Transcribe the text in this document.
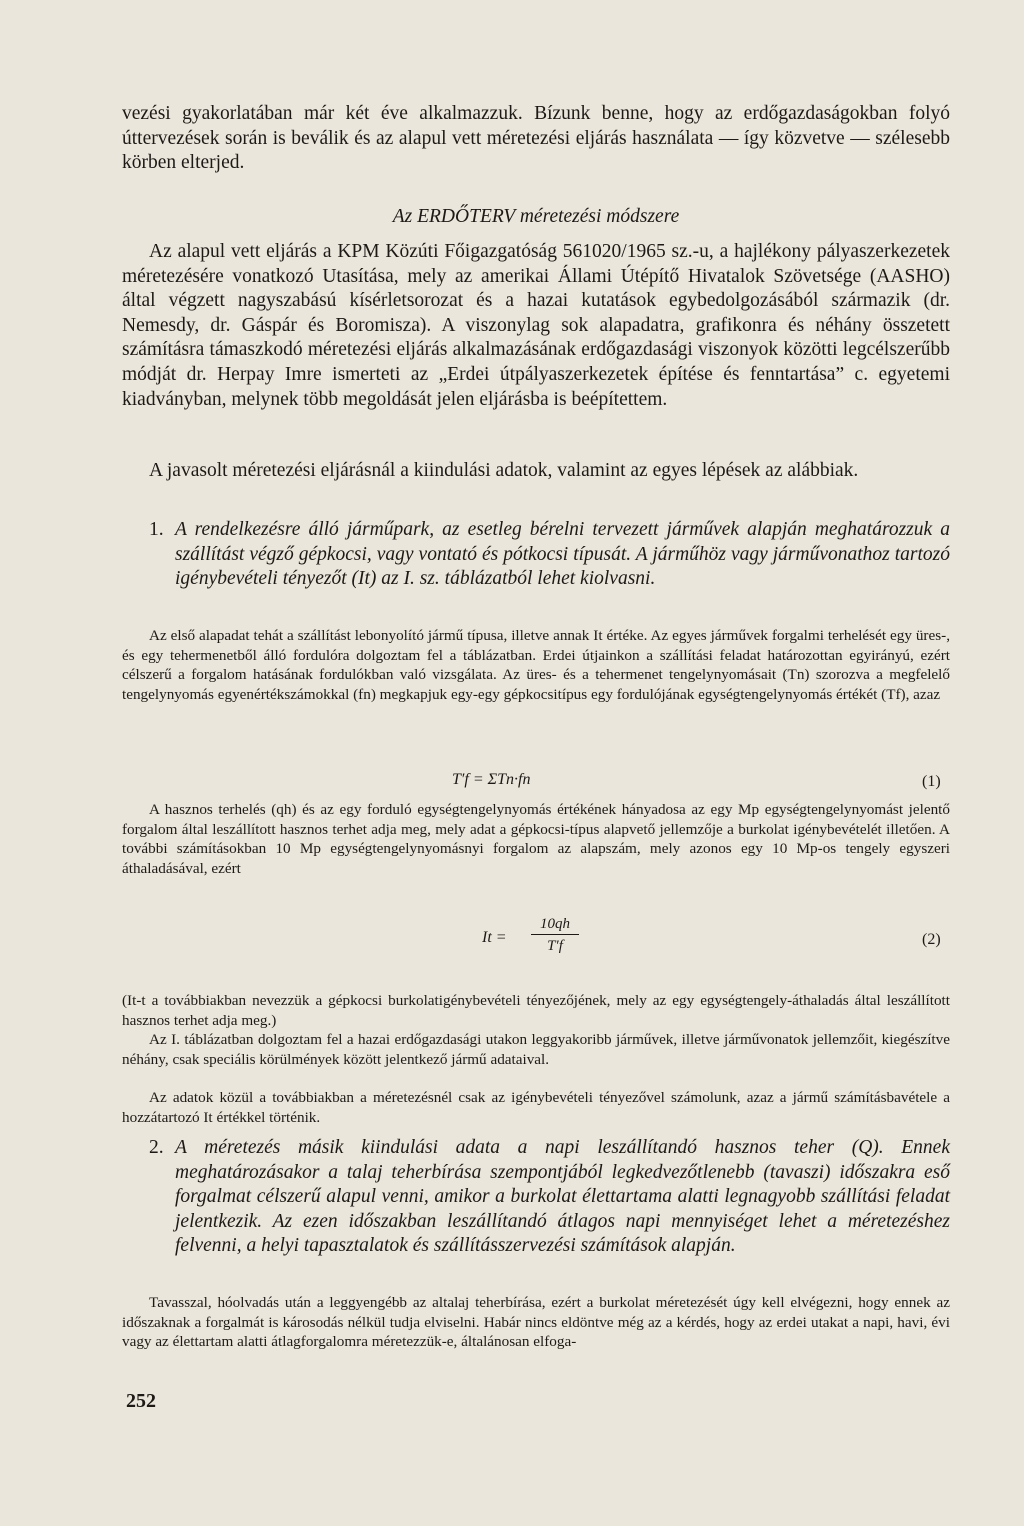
vezési gyakorlatában már két éve alkalmazzuk. Bízunk benne, hogy az erdőgazdaságokban folyó úttervezések során is beválik és az alapul vett méretezési eljárás használata — így közvetve — szélesebb körben elterjed.

Az ERDŐTERV méretezési módszere

Az alapul vett eljárás a KPM Közúti Főigazgatóság 561020/1965 sz.-u, a hajlékony pályaszerkezetek méretezésére vonatkozó Utasítása, mely az amerikai Állami Útépítő Hivatalok Szövetsége (AASHO) által végzett nagyszabású kísérletsorozat és a hazai kutatások egybedolgozásából származik (dr. Nemesdy, dr. Gáspár és Boromisza). A viszonylag sok alapadatra, grafikonra és néhány összetett számításra támaszkodó méretezési eljárás alkalmazásának erdőgazdasági viszonyok közötti legcélszerűbb módját dr. Herpay Imre ismerteti az „Erdei útpályaszerkezetek építése és fenntartása” c. egyetemi kiadványban, melynek több megoldását jelen eljárásba is beépítettem.

A javasolt méretezési eljárásnál a kiindulási adatok, valamint az egyes lépések az alábbiak.

1. A rendelkezésre álló járműpark, az esetleg bérelni tervezett járművek alapján meghatározzuk a szállítást végző gépkocsi, vagy vontató és pótkocsi típusát. A járműhöz vagy járművonathoz tartozó igénybevételi tényezőt (It) az I. sz. táblázatból lehet kiolvasni.

Az első alapadat tehát a szállítást lebonyolító jármű típusa, illetve annak It értéke. Az egyes járművek forgalmi terhelését egy üres-, és egy tehermenetből álló fordulóra dolgoztam fel a táblázatban. Erdei útjainkon a szállítási feladat határozottan egyirányú, ezért célszerű a forgalom hatásának fordulókban való vizsgálata. Az üres- és a tehermenet tengelynyomásait (Tn) szorozva a megfelelő tengelynyomás egyenértékszámokkal (fn) megkapjuk egy-egy gépkocsitípus egy fordulójának egységtengelynyomás értékét (Tf), azaz

T′f = ΣTn·fn	(1)

A hasznos terhelés (qh) és az egy forduló egységtengelynyomás értékének hányadosa az egy Mp egységtengelynyomást jelentő forgalom által leszállított hasznos terhet adja meg, mely adat a gépkocsi-típus alapvető jellemzője a burkolat igénybevételét illetően. A további számításokban 10 Mp egységtengelynyomásnyi forgalom az alapszám, mely azonos egy 10 Mp-os tengely egyszeri áthaladásával, ezért

It =
10qh
T′f	(2)

(It-t a továbbiakban nevezzük a gépkocsi burkolatigénybevételi tényezőjének, mely az egy egységtengely-áthaladás által leszállított hasznos terhet adja meg.)

Az I. táblázatban dolgoztam fel a hazai erdőgazdasági utakon leggyakoribb járművek, illetve járművonatok jellemzőit, kiegészítve néhány, csak speciális körülmények között jelentkező jármű adataival.

Az adatok közül a továbbiakban a méretezésnél csak az igénybevételi tényezővel számolunk, azaz a jármű számításbavétele a hozzátartozó It értékkel történik.

2. A méretezés másik kiindulási adata a napi leszállítandó hasznos teher (Q). Ennek meghatározásakor a talaj teherbírása szempontjából legkedvezőtlenebb (tavaszi) időszakra eső forgalmat célszerű alapul venni, amikor a burkolat élettartama alatti legnagyobb szállítási feladat jelentkezik. Az ezen időszakban leszállítandó átlagos napi mennyiséget lehet a méretezéshez felvenni, a helyi tapasztalatok és szállításszervezési számítások alapján.

Tavasszal, hóolvadás után a leggyengébb az altalaj teherbírása, ezért a burkolat méretezését úgy kell elvégezni, hogy ennek az időszaknak a forgalmát is károsodás nélkül tudja elviselni. Habár nincs eldöntve még az a kérdés, hogy az erdei utakat a napi, havi, évi vagy az élettartam alatti átlagforgalomra méretezzük-e, általánosan elfoga-

252
